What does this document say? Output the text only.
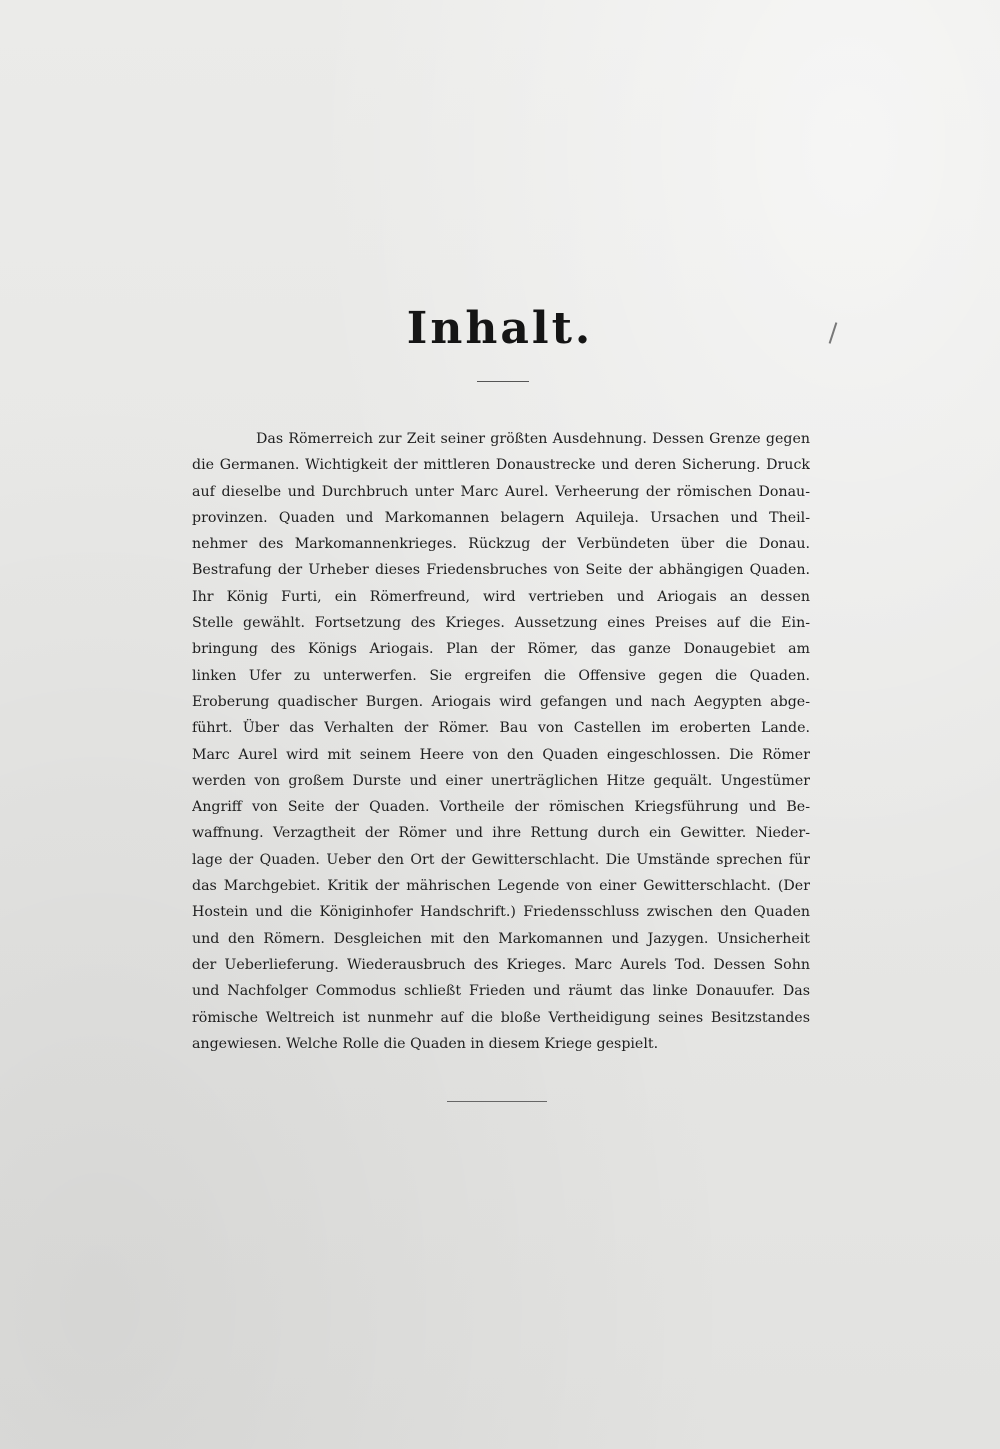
Inhalt.
Das Römerreich zur Zeit seiner größten Ausdehnung. Dessen Grenze gegen
die Germanen. Wichtigkeit der mittleren Donaustrecke und deren Sicherung. Druck
auf dieselbe und Durchbruch unter Marc Aurel. Verheerung der römischen Donau-
provinzen. Quaden und Markomannen belagern Aquileja. Ursachen und Theil-
nehmer des Markomannenkrieges. Rückzug der Verbündeten über die Donau.
Bestrafung der Urheber dieses Friedensbruches von Seite der abhängigen Quaden.
Ihr König Furti, ein Römerfreund, wird vertrieben und Ariogais an dessen
Stelle gewählt. Fortsetzung des Krieges. Aussetzung eines Preises auf die Ein-
bringung des Königs Ariogais. Plan der Römer, das ganze Donaugebiet am
linken Ufer zu unterwerfen. Sie ergreifen die Offensive gegen die Quaden.
Eroberung quadischer Burgen. Ariogais wird gefangen und nach Aegypten abge-
führt. Über das Verhalten der Römer. Bau von Castellen im eroberten Lande.
Marc Aurel wird mit seinem Heere von den Quaden eingeschlossen. Die Römer
werden von großem Durste und einer unerträglichen Hitze gequält. Ungestümer
Angriff von Seite der Quaden. Vortheile der römischen Kriegsführung und Be-
waffnung. Verzagtheit der Römer und ihre Rettung durch ein Gewitter. Nieder-
lage der Quaden. Ueber den Ort der Gewitterschlacht. Die Umstände sprechen für
das Marchgebiet. Kritik der mährischen Legende von einer Gewitterschlacht. (Der
Hostein und die Königinhofer Handschrift.) Friedensschluss zwischen den Quaden
und den Römern. Desgleichen mit den Markomannen und Jazygen. Unsicherheit
der Ueberlieferung. Wiederausbruch des Krieges. Marc Aurels Tod. Dessen Sohn
und Nachfolger Commodus schließt Frieden und räumt das linke Donauufer. Das
römische Weltreich ist nunmehr auf die bloße Vertheidigung seines Besitzstandes
angewiesen. Welche Rolle die Quaden in diesem Kriege gespielt.
